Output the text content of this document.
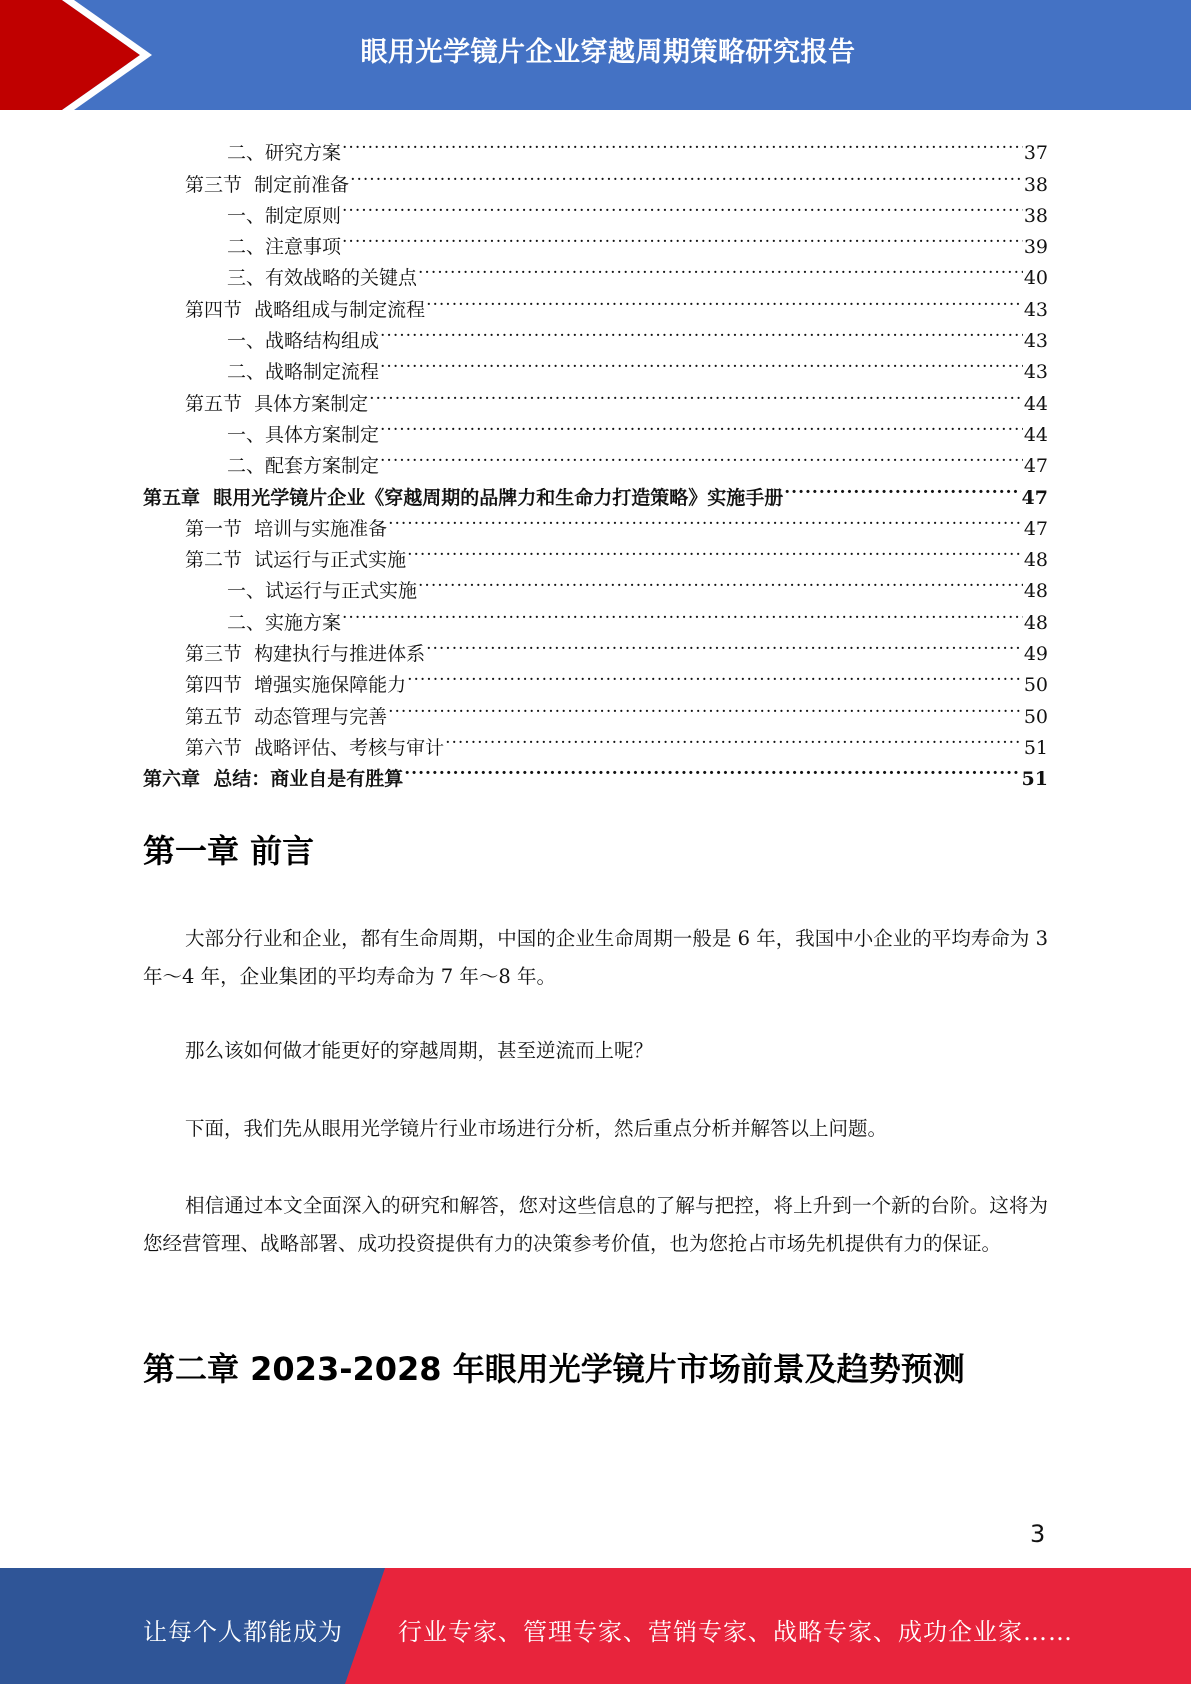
眼用光学镜片企业穿越周期策略研究报告
二、研究方案 .....	37
第三节  制定前准备 .....	38
一、制定原则 .....	38
二、注意事项 .....	39
三、有效战略的关键点 .....	40
第四节  战略组成与制定流程 .....	43
一、战略结构组成 .....	43
二、战略制定流程 .....	43
第五节  具体方案制定 .....	44
一、具体方案制定 .....	44
二、配套方案制定 .....	47
第五章  眼用光学镜片企业《穿越周期的品牌力和生命力打造策略》实施手册 .....	47
第一节  培训与实施准备 .....	47
第二节  试运行与正式实施 .....	48
一、试运行与正式实施 .....	48
二、实施方案 .....	48
第三节  构建执行与推进体系 .....	49
第四节  增强实施保障能力 .....	50
第五节  动态管理与完善 .....	50
第六节  战略评估、考核与审计 .....	51
第六章  总结：商业自是有胜算 .....	51
第一章 前言
大部分行业和企业，都有生命周期，中国的企业生命周期一般是 6 年，我国中小企业的平均寿命为 3 年～4 年，企业集团的平均寿命为 7 年～8 年。
那么该如何做才能更好的穿越周期，甚至逆流而上呢？
下面，我们先从眼用光学镜片行业市场进行分析，然后重点分析并解答以上问题。
相信通过本文全面深入的研究和解答，您对这些信息的了解与把控，将上升到一个新的台阶。这将为您经营管理、战略部署、成功投资提供有力的决策参考价值，也为您抢占市场先机提供有力的保证。
第二章 2023-2028 年眼用光学镜片市场前景及趋势预测
3
让每个人都能成为 行业专家、管理专家、营销专家、战略专家、成功企业家……
